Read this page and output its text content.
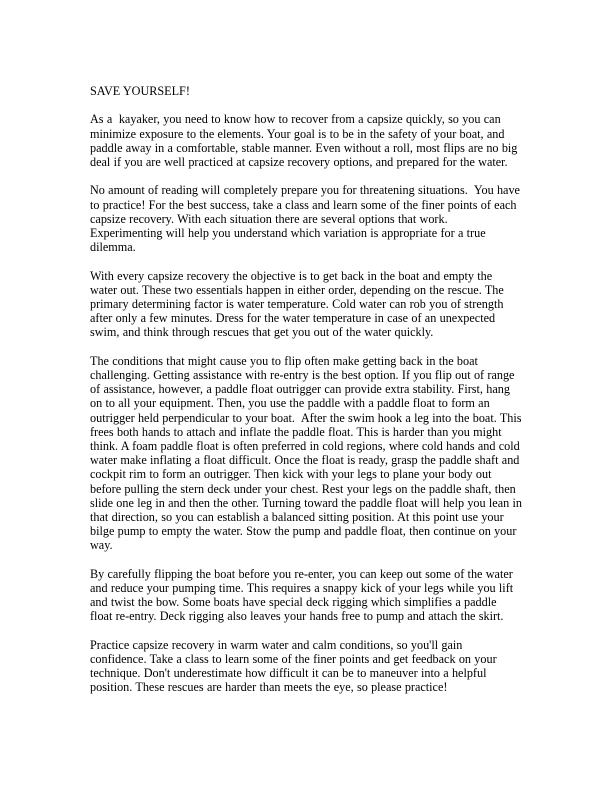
SAVE YOURSELF!

As a  kayaker, you need to know how to recover from a capsize quickly, so you can minimize exposure to the elements. Your goal is to be in the safety of your boat, and paddle away in a comfortable, stable manner. Even without a roll, most flips are no big deal if you are well practiced at capsize recovery options, and prepared for the water.

No amount of reading will completely prepare you for threatening situations.  You have to practice! For the best success, take a class and learn some of the finer points of each capsize recovery. With each situation there are several options that work. Experimenting will help you understand which variation is appropriate for a true dilemma.

With every capsize recovery the objective is to get back in the boat and empty the water out. These two essentials happen in either order, depending on the rescue. The primary determining factor is water temperature. Cold water can rob you of strength after only a few minutes. Dress for the water temperature in case of an unexpected swim, and think through rescues that get you out of the water quickly.

The conditions that might cause you to flip often make getting back in the boat challenging. Getting assistance with re-entry is the best option. If you flip out of range of assistance, however, a paddle float outrigger can provide extra stability. First, hang on to all your equipment. Then, you use the paddle with a paddle float to form an outrigger held perpendicular to your boat.  After the swim hook a leg into the boat. This frees both hands to attach and inflate the paddle float. This is harder than you might think. A foam paddle float is often preferred in cold regions, where cold hands and cold water make inflating a float difficult. Once the float is ready, grasp the paddle shaft and cockpit rim to form an outrigger. Then kick with your legs to plane your body out before pulling the stern deck under your chest. Rest your legs on the paddle shaft, then slide one leg in and then the other. Turning toward the paddle float will help you lean in that direction, so you can establish a balanced sitting position. At this point use your bilge pump to empty the water. Stow the pump and paddle float, then continue on your way.

By carefully flipping the boat before you re-enter, you can keep out some of the water and reduce your pumping time. This requires a snappy kick of your legs while you lift and twist the bow. Some boats have special deck rigging which simplifies a paddle float re-entry. Deck rigging also leaves your hands free to pump and attach the skirt.

Practice capsize recovery in warm water and calm conditions, so you'll gain confidence. Take a class to learn some of the finer points and get feedback on your technique. Don't underestimate how difficult it can be to maneuver into a helpful position. These rescues are harder than meets the eye, so please practice!
